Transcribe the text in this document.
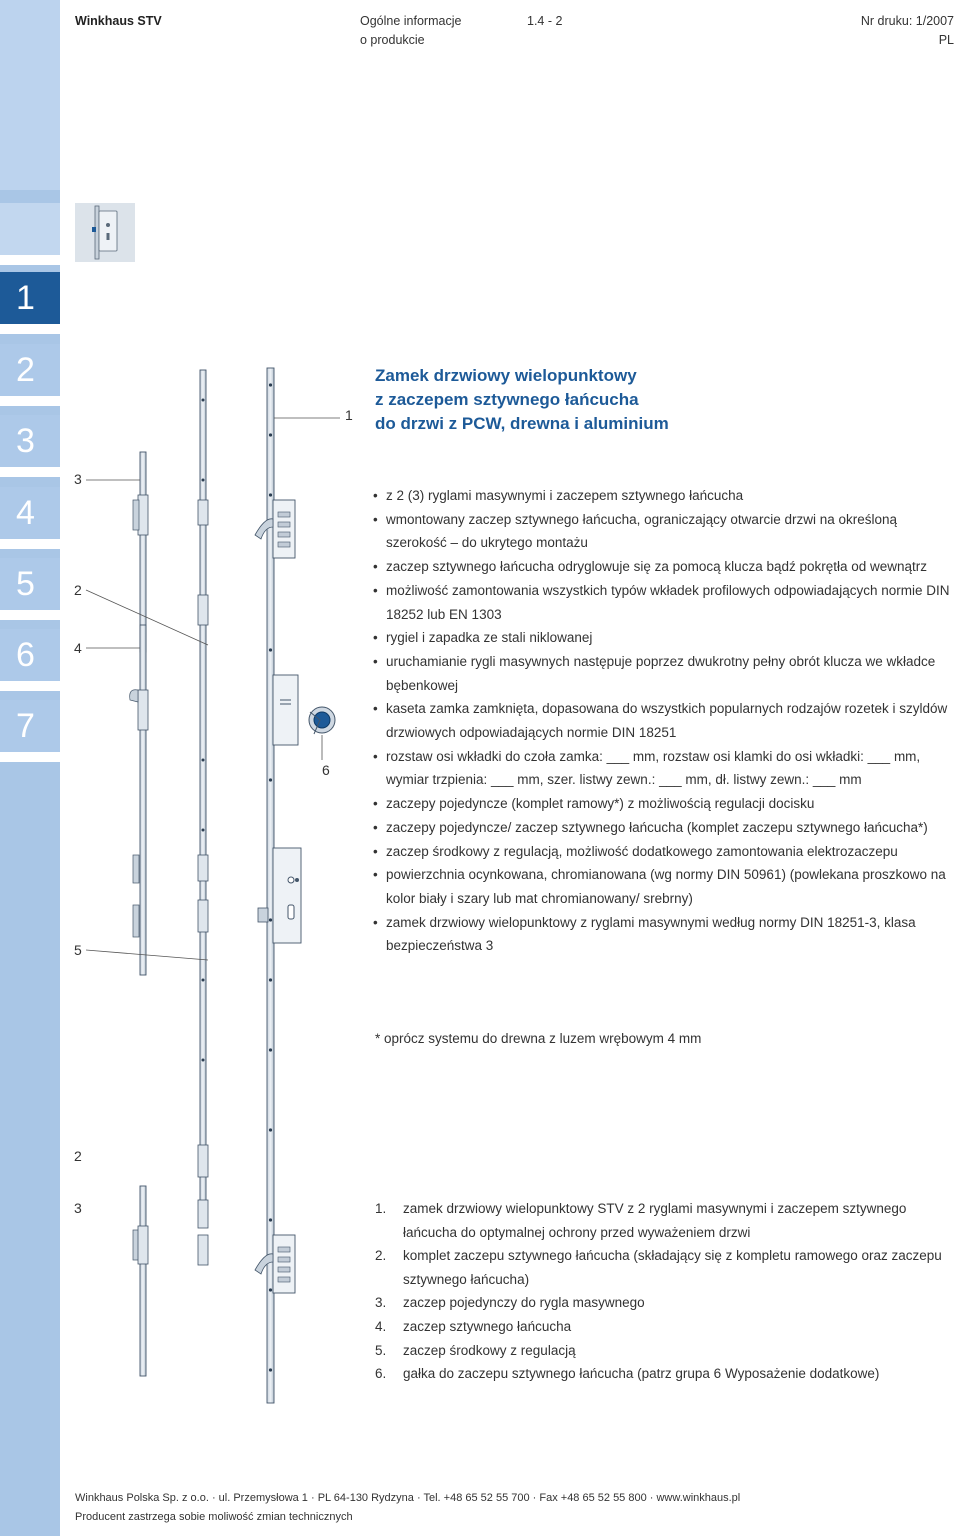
1
2
3
4
5
6
7
Winkhaus STV	Ogólne informacje
o produkcie
1.4 - 2	Nr druku: 1/2007
PL
Zamek drzwiowy wielopunktowy
z zaczepem sztywnego łańcucha
do drzwi z PCW, drewna i aluminium
1
3
2
4
6
5
2
3
• z 2 (3) ryglami masywnymi i zaczepem sztywnego łańcucha
• wmontowany zaczep sztywnego łańcucha, ograniczający otwarcie drzwi na określoną szerokość – do ukrytego montażu
• zaczep sztywnego łańcucha odryglowuje się za pomocą klucza bądź pokrętła od wewnątrz
• możliwość zamontowania wszystkich typów wkładek profilowych odpowiadających normie DIN 18252 lub EN 1303
• rygiel i zapadka ze stali niklowanej
• uruchamianie rygli masywnych następuje poprzez dwukrotny pełny obrót klucza we wkładce bębenkowej
• kaseta zamka zamknięta, dopasowana do wszystkich popularnych rodzajów rozetek i szyldów drzwiowych odpowiadających normie DIN 18251
• rozstaw osi wkładki do czoła zamka: ___ mm, rozstaw osi klamki do osi wkładki: ___ mm, wymiar trzpienia: ___ mm, szer. listwy zewn.: ___ mm, dł. listwy zewn.: ___ mm
• zaczepy pojedyncze (komplet ramowy*) z możliwością regulacji docisku
• zaczepy pojedyncze/ zaczep sztywnego łańcucha (komplet zaczepu sztywnego łańcucha*)
• zaczep środkowy z regulacją, możliwość dodatkowego zamontowania elektrozaczepu
• powierzchnia ocynkowana, chromianowana (wg normy DIN 50961) (powlekana proszkowo na kolor biały i szary lub mat chromianowany/ srebrny)
• zamek drzwiowy wielopunktowy z ryglami masywnymi według normy DIN 18251-3, klasa bezpieczeństwa 3
* oprócz systemu do drewna z luzem wrębowym 4 mm
1. zamek drzwiowy wielopunktowy STV z 2 ryglami masywnymi i zaczepem sztywnego łańcucha do optymalnej ochrony przed wyważeniem drzwi
2. komplet zaczepu sztywnego łańcucha (składający się z kompletu ramowego oraz zaczepu sztywnego łańcucha)
3. zaczep pojedynczy do rygla masywnego
4. zaczep sztywnego łańcucha
5. zaczep środkowy z regulacją
6. gałka do zaczepu sztywnego łańcucha (patrz grupa 6 Wyposażenie dodatkowe)
Winkhaus Polska Sp. z o.o. · ul. Przemysłowa 1 · PL 64-130 Rydzyna · Tel. +48 65 52 55 700 · Fax +48 65 52 55 800 · www.winkhaus.pl
Producent zastrzega sobie moliwość zmian technicznych
